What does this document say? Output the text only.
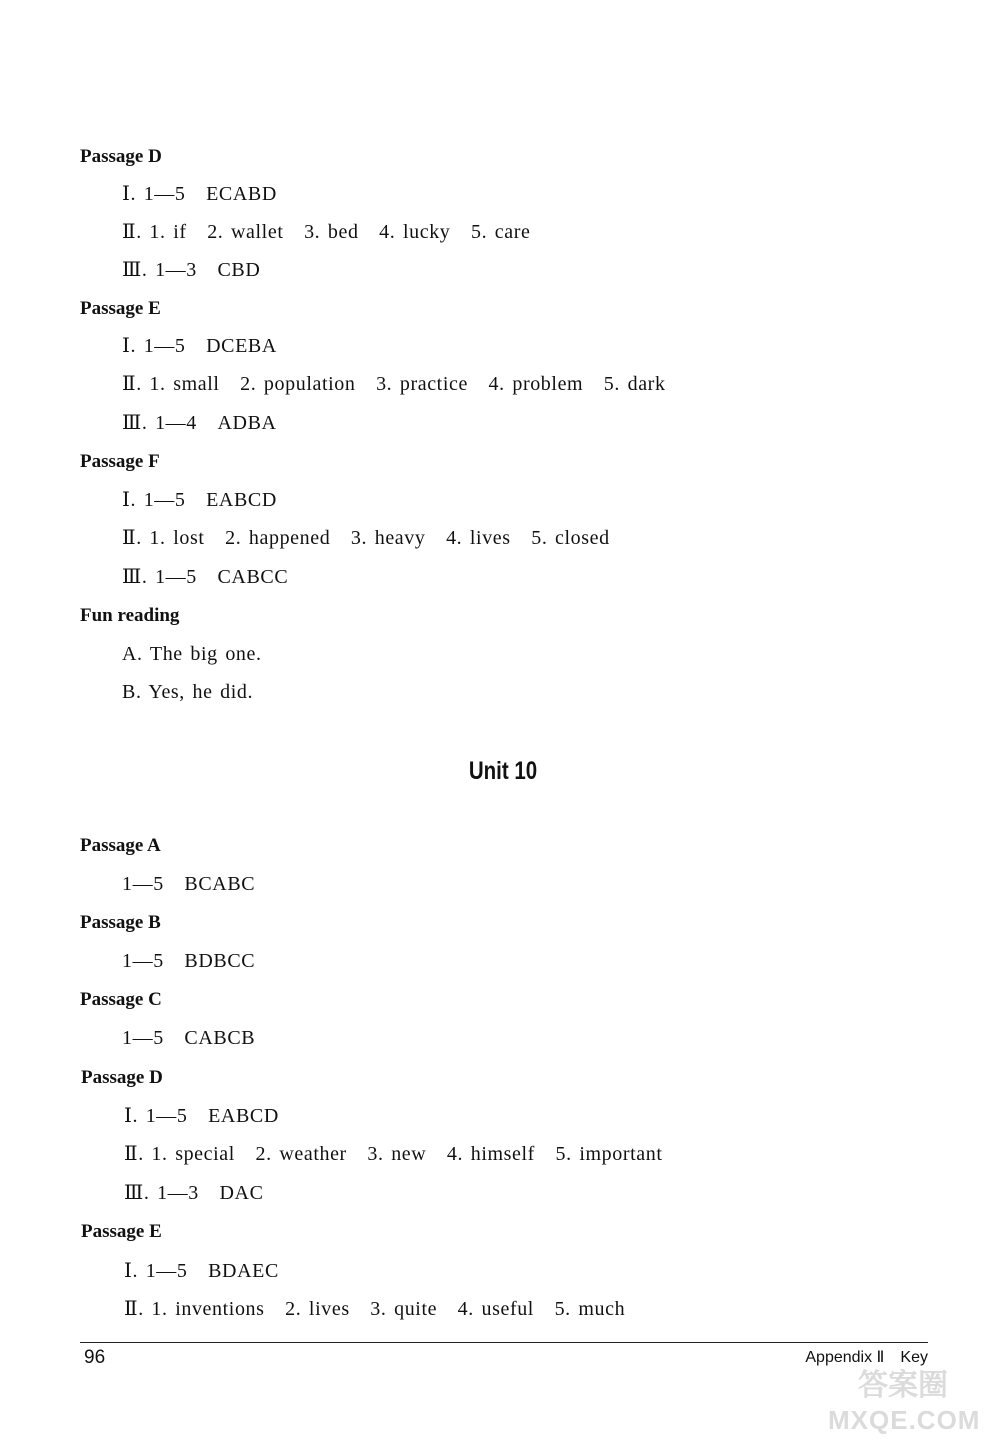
Passage D
Ⅰ. 1—5　ECABD
Ⅱ. 1. if　2. wallet　3. bed　4. lucky　5. care
Ⅲ. 1—3　CBD
Passage E
Ⅰ. 1—5　DCEBA
Ⅱ. 1. small　2. population　3. practice　4. problem　5. dark
Ⅲ. 1—4　ADBA
Passage F
Ⅰ. 1—5　EABCD
Ⅱ. 1. lost　2. happened　3. heavy　4. lives　5. closed
Ⅲ. 1—5　CABCC
Fun reading
A. The big one.
B. Yes, he did.
Unit 10
Passage A
1—5　BCABC
Passage B
1—5　BDBCC
Passage C
1—5　CABCB
Passage D
Ⅰ. 1—5　EABCD
Ⅱ. 1. special　2. weather　3. new　4. himself　5. important
Ⅲ. 1—3　DAC
Passage E
Ⅰ. 1—5　BDAEC
Ⅱ. 1. inventions　2. lives　3. quite　4. useful　5. much
96	Appendix Ⅱ　Key
答案圈
MXQE.COM
